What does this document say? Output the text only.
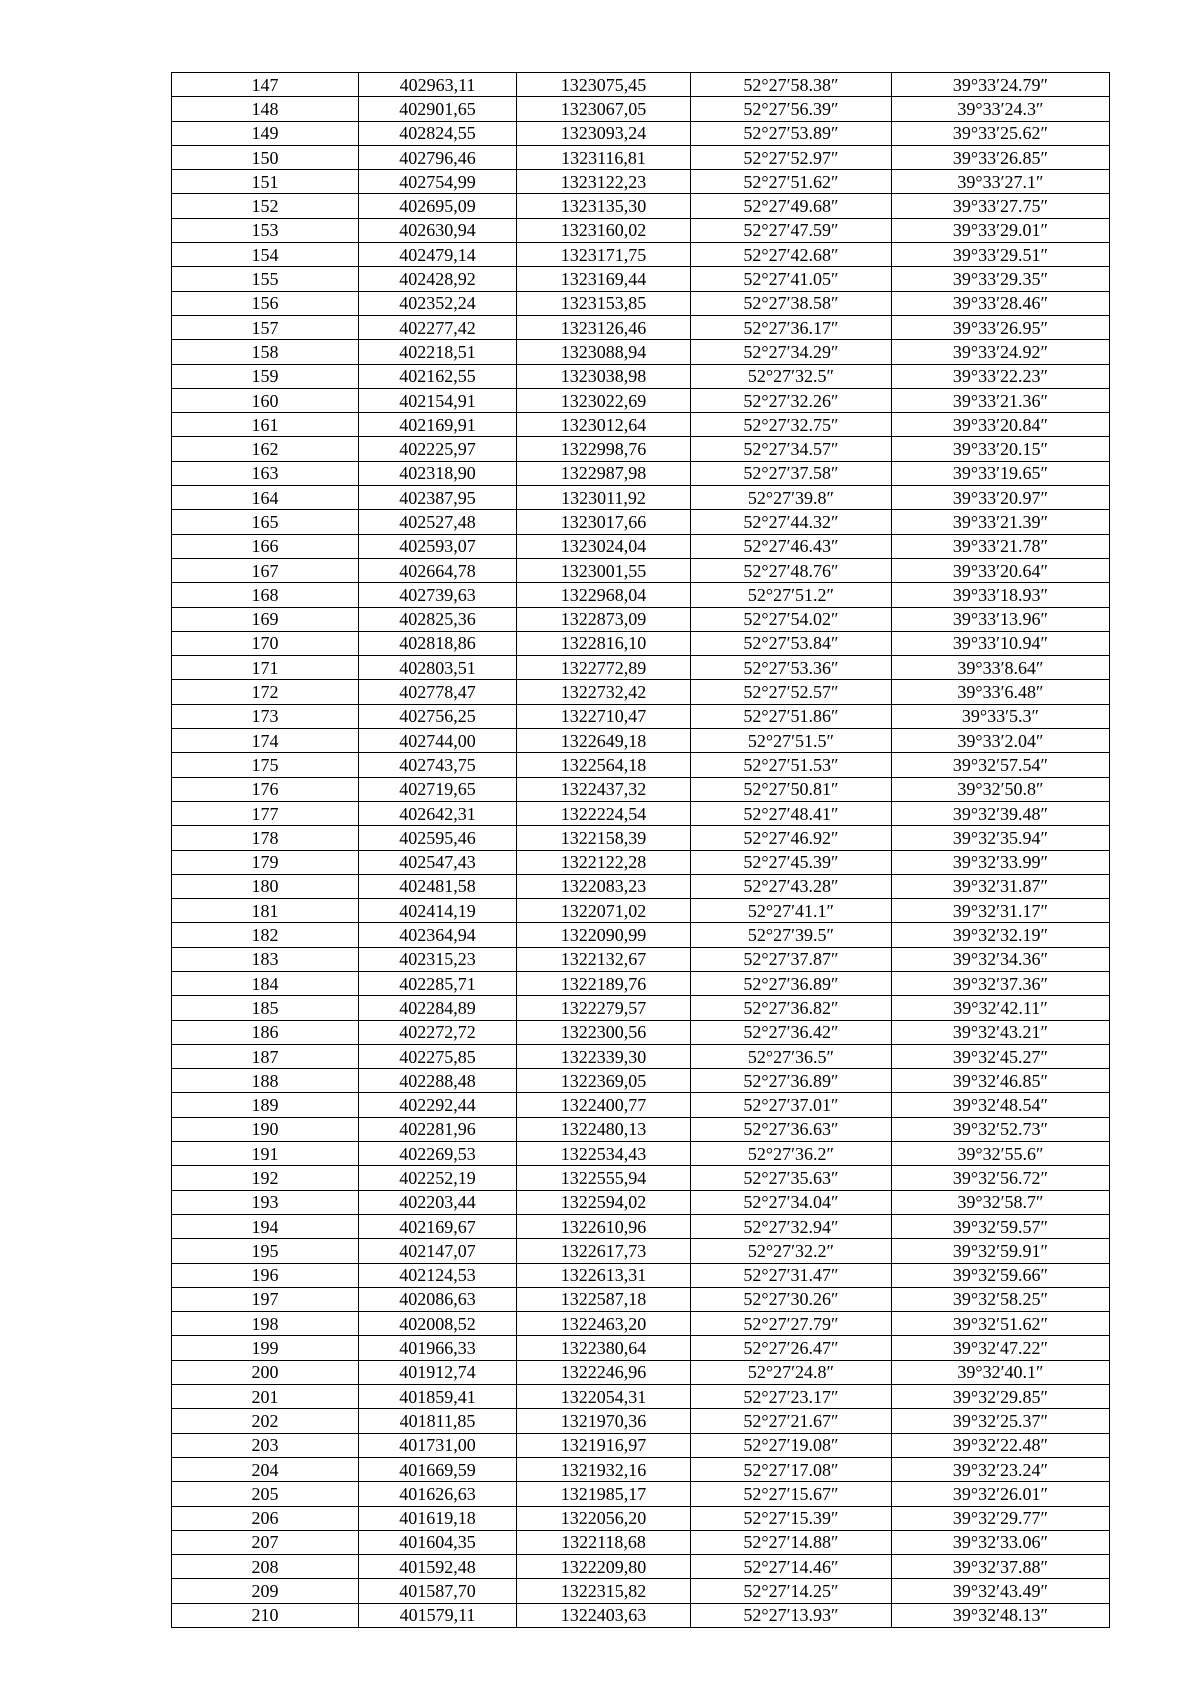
147	402963,11	1323075,45	52°27′58.38″	39°33′24.79″
148	402901,65	1323067,05	52°27′56.39″	39°33′24.3″
149	402824,55	1323093,24	52°27′53.89″	39°33′25.62″
150	402796,46	1323116,81	52°27′52.97″	39°33′26.85″
151	402754,99	1323122,23	52°27′51.62″	39°33′27.1″
152	402695,09	1323135,30	52°27′49.68″	39°33′27.75″
153	402630,94	1323160,02	52°27′47.59″	39°33′29.01″
154	402479,14	1323171,75	52°27′42.68″	39°33′29.51″
155	402428,92	1323169,44	52°27′41.05″	39°33′29.35″
156	402352,24	1323153,85	52°27′38.58″	39°33′28.46″
157	402277,42	1323126,46	52°27′36.17″	39°33′26.95″
158	402218,51	1323088,94	52°27′34.29″	39°33′24.92″
159	402162,55	1323038,98	52°27′32.5″	39°33′22.23″
160	402154,91	1323022,69	52°27′32.26″	39°33′21.36″
161	402169,91	1323012,64	52°27′32.75″	39°33′20.84″
162	402225,97	1322998,76	52°27′34.57″	39°33′20.15″
163	402318,90	1322987,98	52°27′37.58″	39°33′19.65″
164	402387,95	1323011,92	52°27′39.8″	39°33′20.97″
165	402527,48	1323017,66	52°27′44.32″	39°33′21.39″
166	402593,07	1323024,04	52°27′46.43″	39°33′21.78″
167	402664,78	1323001,55	52°27′48.76″	39°33′20.64″
168	402739,63	1322968,04	52°27′51.2″	39°33′18.93″
169	402825,36	1322873,09	52°27′54.02″	39°33′13.96″
170	402818,86	1322816,10	52°27′53.84″	39°33′10.94″
171	402803,51	1322772,89	52°27′53.36″	39°33′8.64″
172	402778,47	1322732,42	52°27′52.57″	39°33′6.48″
173	402756,25	1322710,47	52°27′51.86″	39°33′5.3″
174	402744,00	1322649,18	52°27′51.5″	39°33′2.04″
175	402743,75	1322564,18	52°27′51.53″	39°32′57.54″
176	402719,65	1322437,32	52°27′50.81″	39°32′50.8″
177	402642,31	1322224,54	52°27′48.41″	39°32′39.48″
178	402595,46	1322158,39	52°27′46.92″	39°32′35.94″
179	402547,43	1322122,28	52°27′45.39″	39°32′33.99″
180	402481,58	1322083,23	52°27′43.28″	39°32′31.87″
181	402414,19	1322071,02	52°27′41.1″	39°32′31.17″
182	402364,94	1322090,99	52°27′39.5″	39°32′32.19″
183	402315,23	1322132,67	52°27′37.87″	39°32′34.36″
184	402285,71	1322189,76	52°27′36.89″	39°32′37.36″
185	402284,89	1322279,57	52°27′36.82″	39°32′42.11″
186	402272,72	1322300,56	52°27′36.42″	39°32′43.21″
187	402275,85	1322339,30	52°27′36.5″	39°32′45.27″
188	402288,48	1322369,05	52°27′36.89″	39°32′46.85″
189	402292,44	1322400,77	52°27′37.01″	39°32′48.54″
190	402281,96	1322480,13	52°27′36.63″	39°32′52.73″
191	402269,53	1322534,43	52°27′36.2″	39°32′55.6″
192	402252,19	1322555,94	52°27′35.63″	39°32′56.72″
193	402203,44	1322594,02	52°27′34.04″	39°32′58.7″
194	402169,67	1322610,96	52°27′32.94″	39°32′59.57″
195	402147,07	1322617,73	52°27′32.2″	39°32′59.91″
196	402124,53	1322613,31	52°27′31.47″	39°32′59.66″
197	402086,63	1322587,18	52°27′30.26″	39°32′58.25″
198	402008,52	1322463,20	52°27′27.79″	39°32′51.62″
199	401966,33	1322380,64	52°27′26.47″	39°32′47.22″
200	401912,74	1322246,96	52°27′24.8″	39°32′40.1″
201	401859,41	1322054,31	52°27′23.17″	39°32′29.85″
202	401811,85	1321970,36	52°27′21.67″	39°32′25.37″
203	401731,00	1321916,97	52°27′19.08″	39°32′22.48″
204	401669,59	1321932,16	52°27′17.08″	39°32′23.24″
205	401626,63	1321985,17	52°27′15.67″	39°32′26.01″
206	401619,18	1322056,20	52°27′15.39″	39°32′29.77″
207	401604,35	1322118,68	52°27′14.88″	39°32′33.06″
208	401592,48	1322209,80	52°27′14.46″	39°32′37.88″
209	401587,70	1322315,82	52°27′14.25″	39°32′43.49″
210	401579,11	1322403,63	52°27′13.93″	39°32′48.13″
